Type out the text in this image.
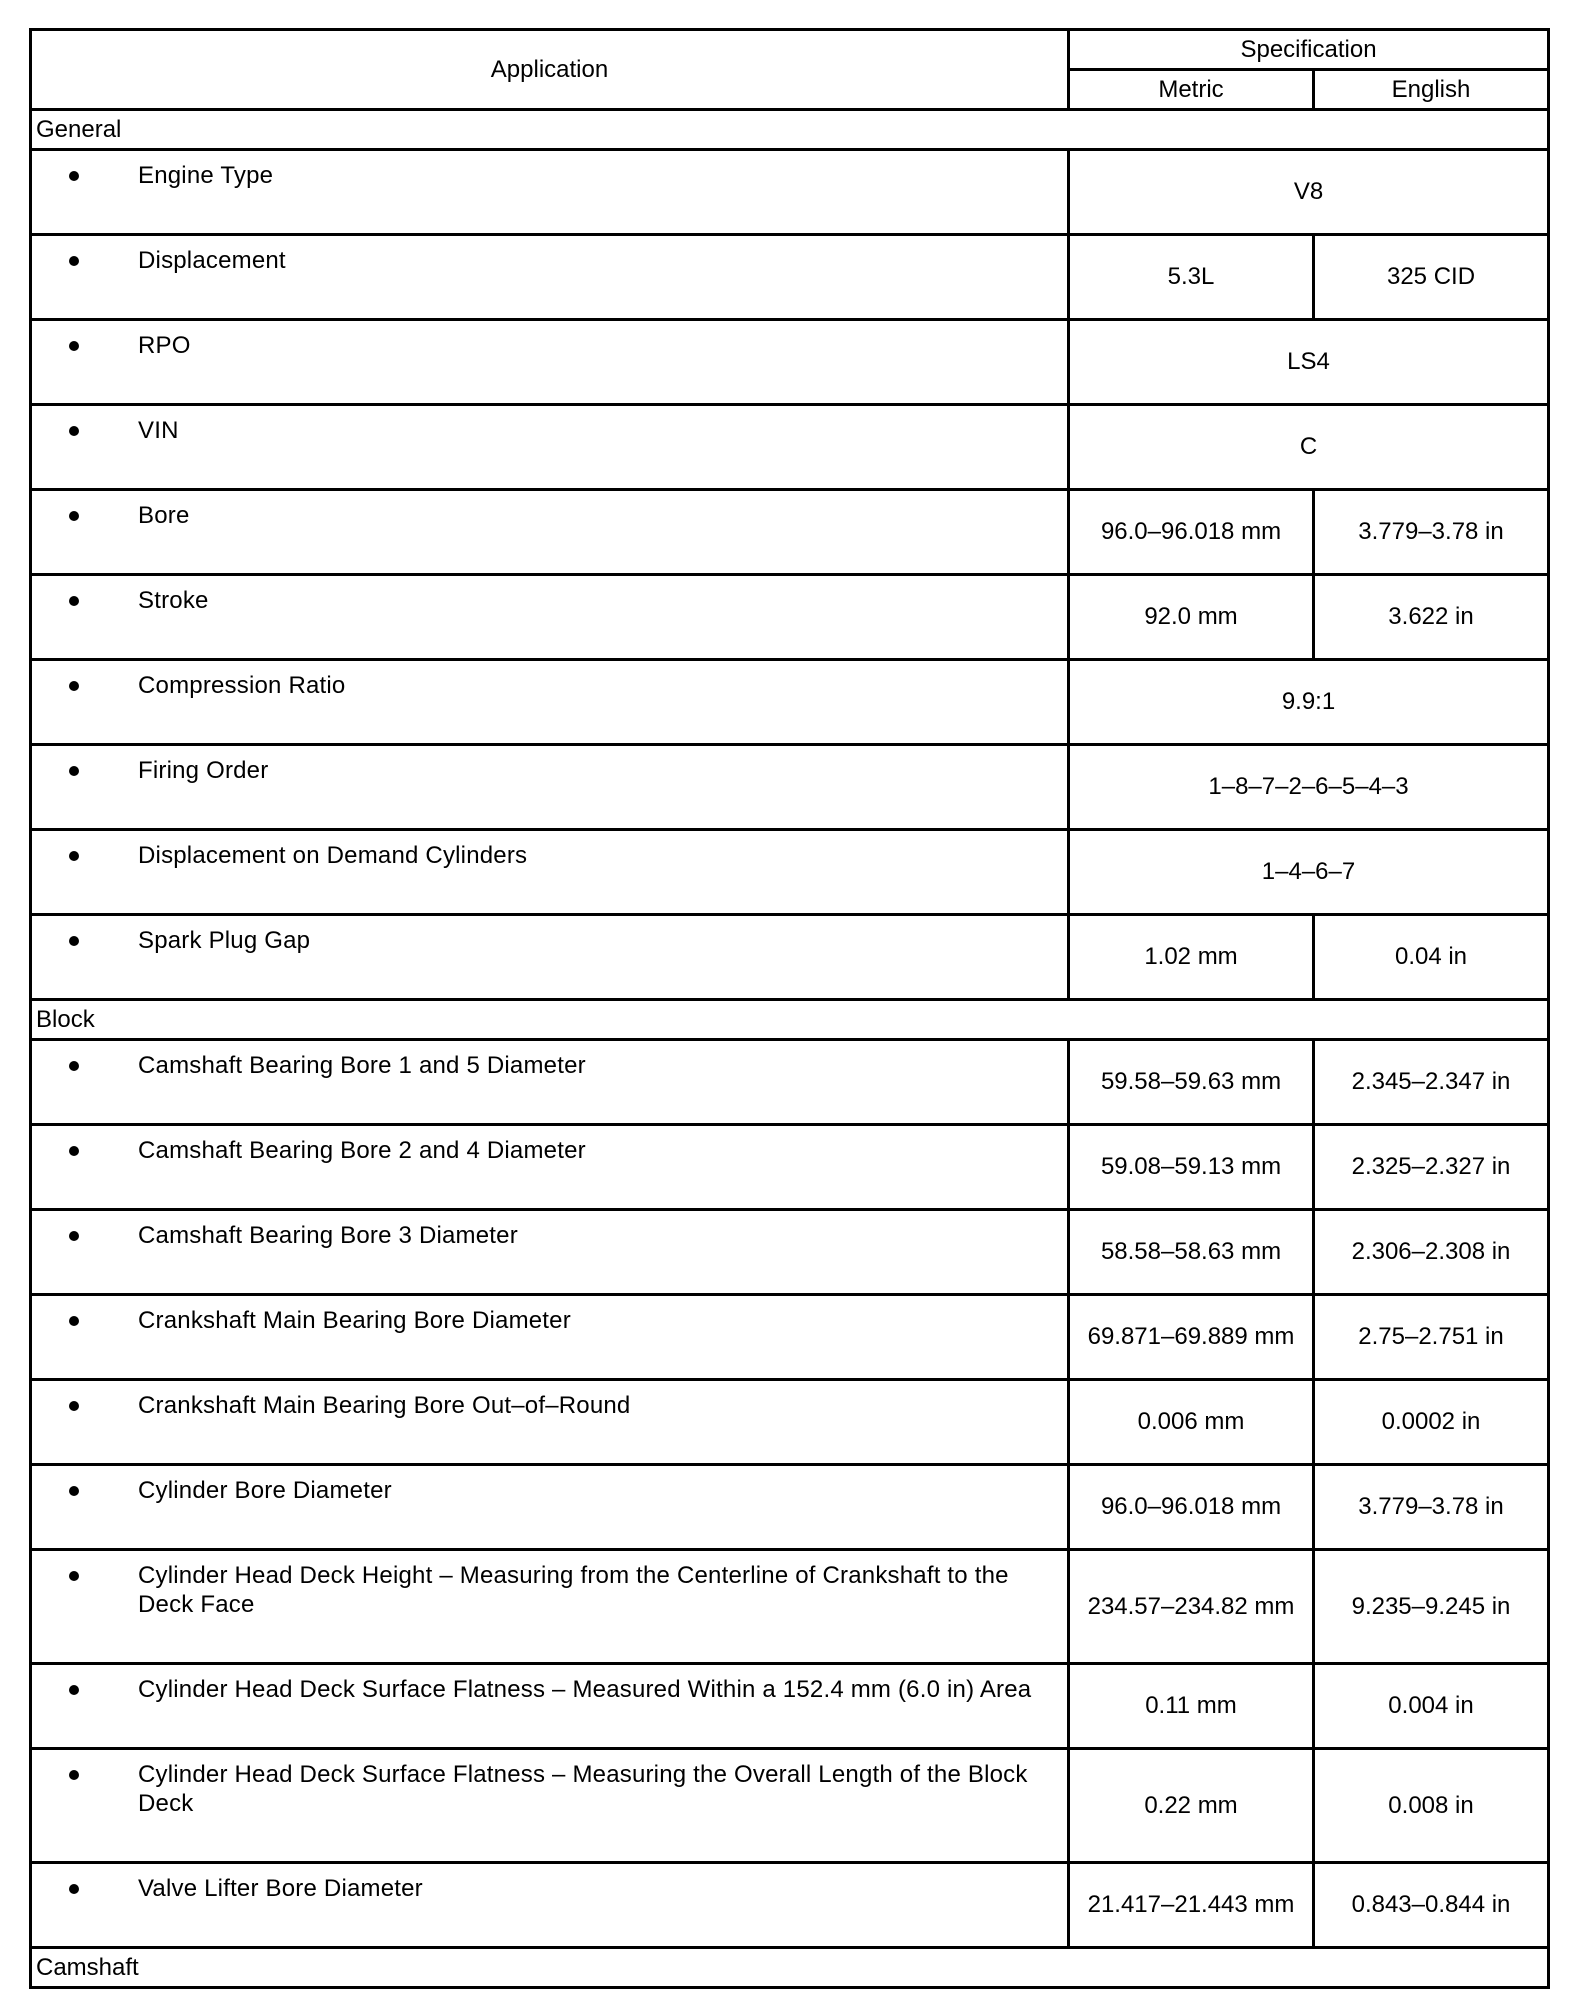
Application	Specification	
	Metric	English
General		

Engine Type	V8	

Displacement	5.3L	325 CID

RPO	LS4	

VIN	C	

Bore	96.0–96.018 mm	3.779–3.78 in

Stroke	92.0 mm	3.622 in

Compression Ratio	9.9:1	

Firing Order	1–8–7–2–6–5–4–3	

Displacement on Demand Cylinders	1–4–6–7	

Spark Plug Gap	1.02 mm	0.04 in
Block		

Camshaft Bearing Bore 1 and 5 Diameter	59.58–59.63 mm	2.345–2.347 in

Camshaft Bearing Bore 2 and 4 Diameter	59.08–59.13 mm	2.325–2.327 in

Camshaft Bearing Bore 3 Diameter	58.58–58.63 mm	2.306–2.308 in

Crankshaft Main Bearing Bore Diameter	69.871–69.889 mm	2.75–2.751 in

Crankshaft Main Bearing Bore Out–of–Round	0.006 mm	0.0002 in

Cylinder Bore Diameter	96.0–96.018 mm	3.779–3.78 in

Cylinder Head Deck Height – Measuring from the Centerline of Crankshaft to the Deck Face	234.57–234.82 mm	9.235–9.245 in

Cylinder Head Deck Surface Flatness – Measured Within a 152.4 mm (6.0 in) Area	0.11 mm	0.004 in

Cylinder Head Deck Surface Flatness – Measuring the Overall Length of the Block Deck	0.22 mm	0.008 in

Valve Lifter Bore Diameter	21.417–21.443 mm	0.843–0.844 in
Camshaft		
